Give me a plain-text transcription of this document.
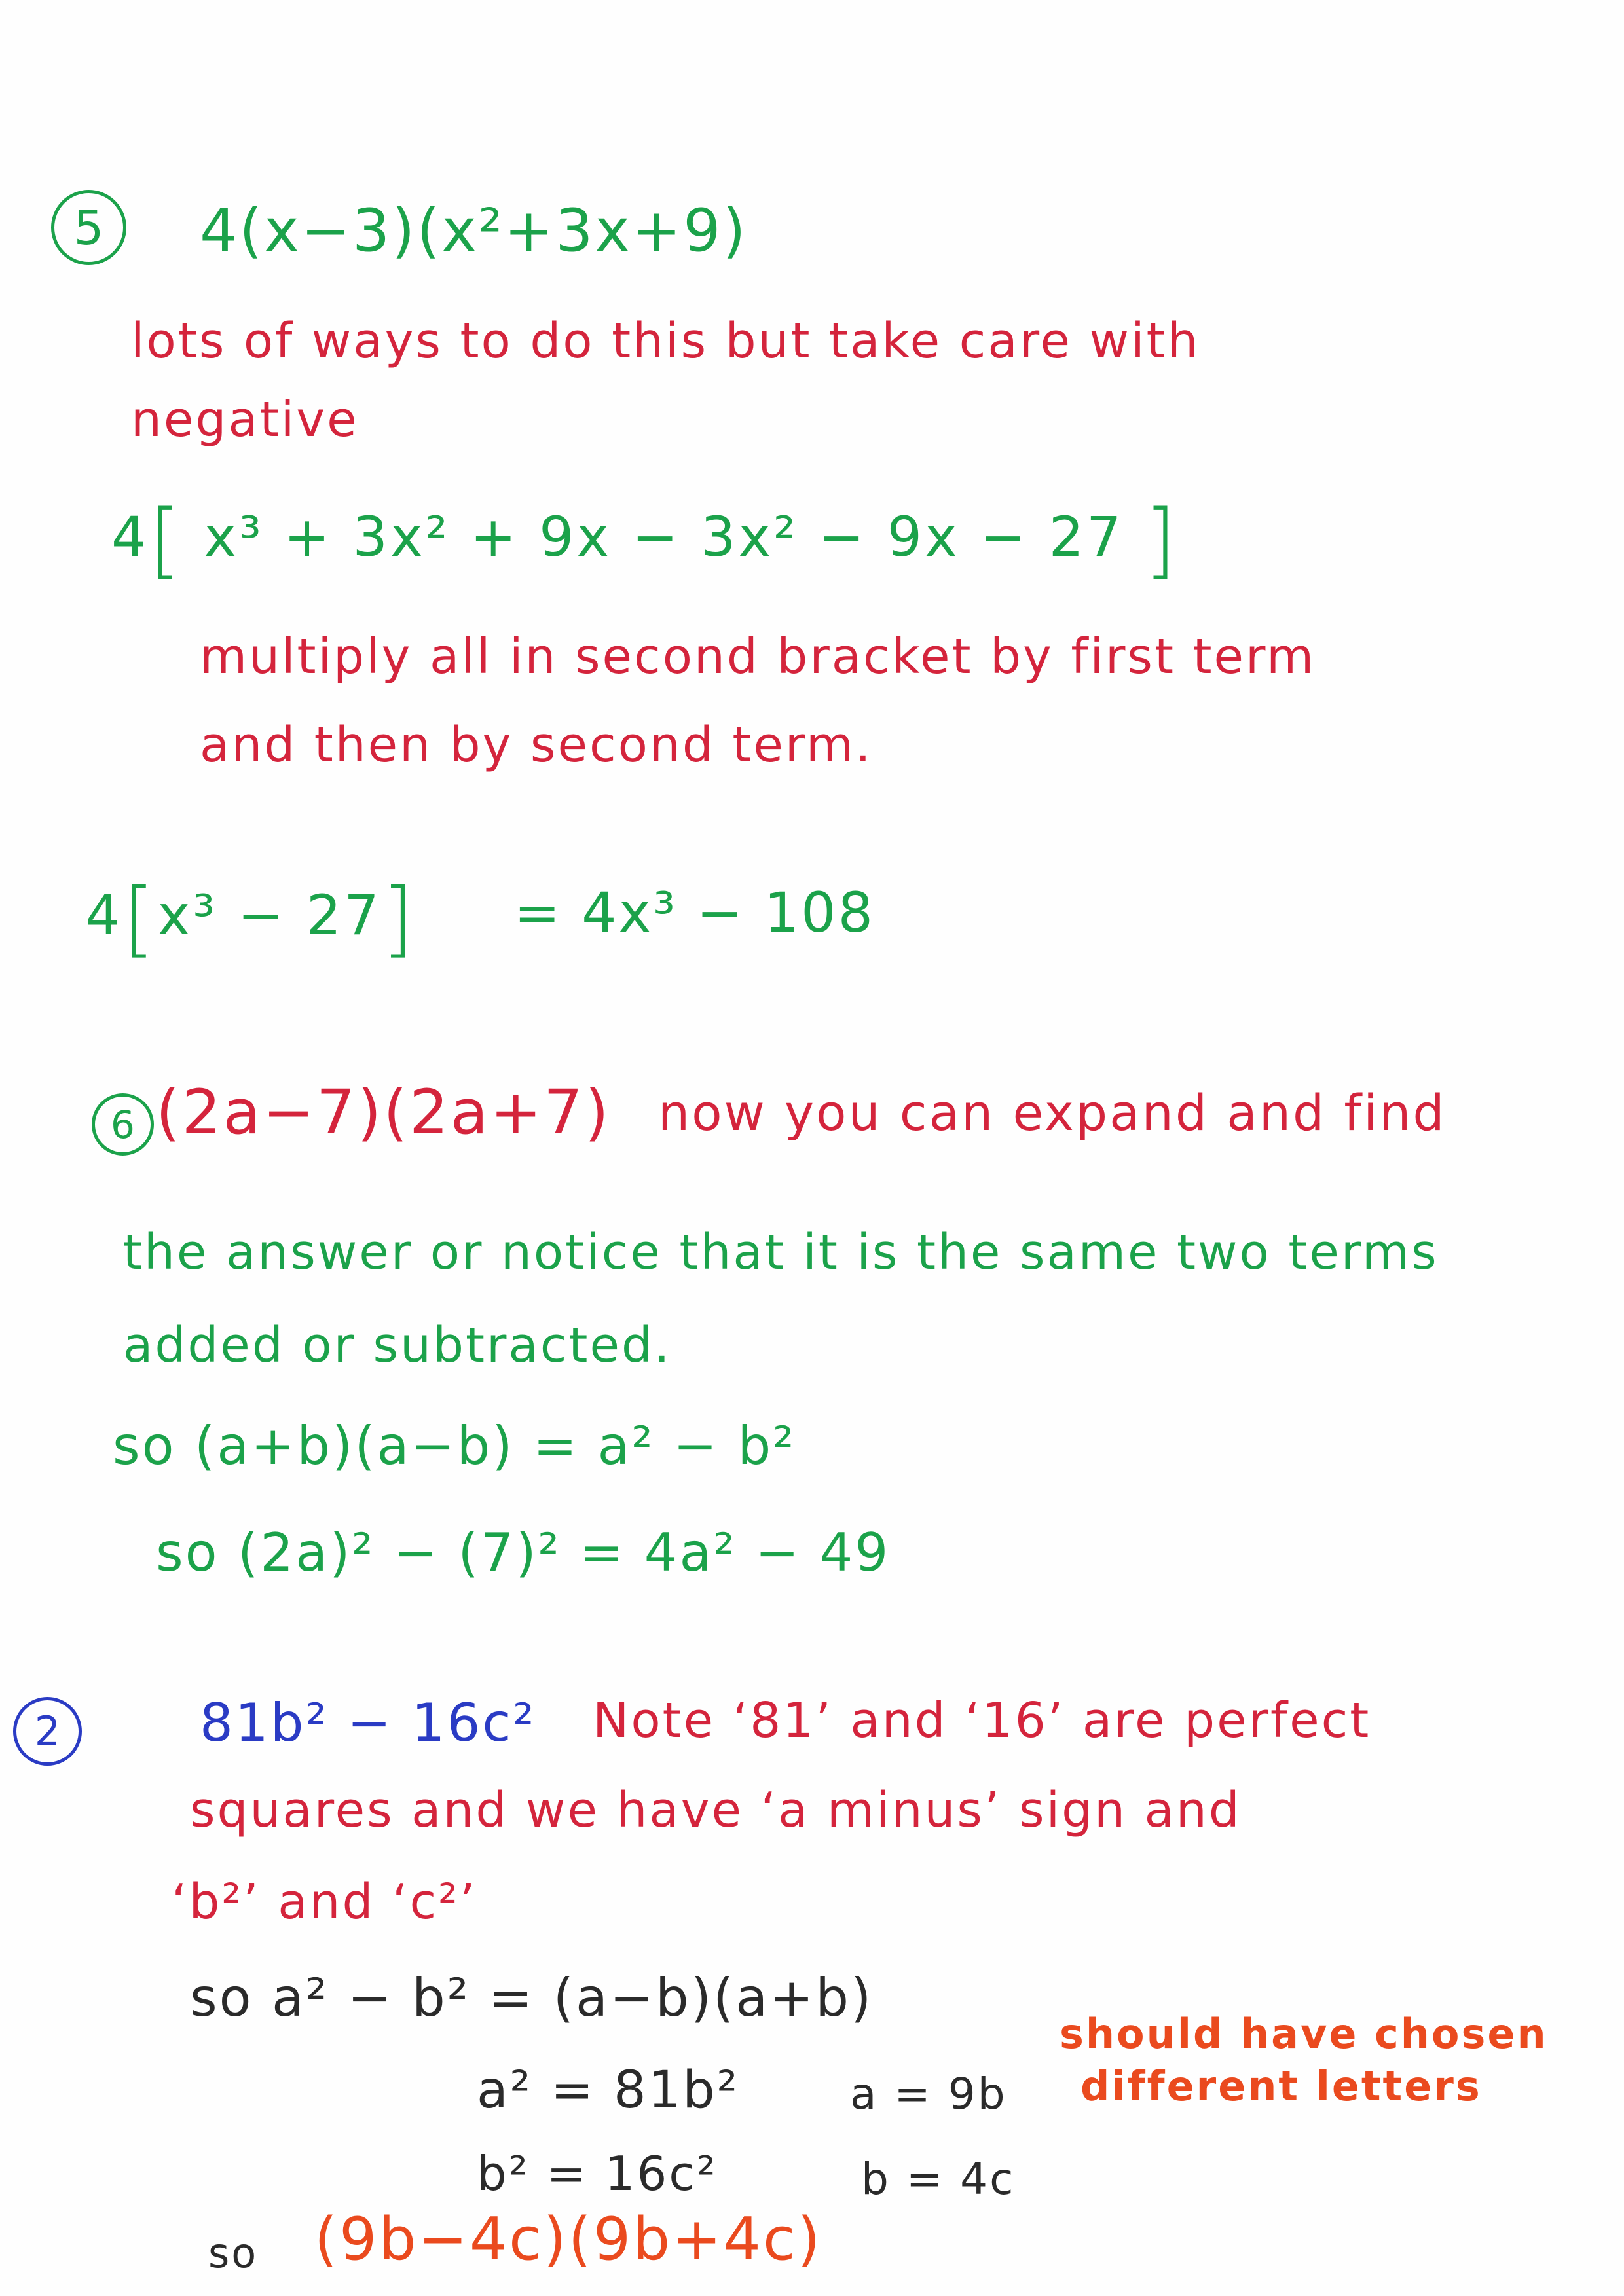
5 4(x−3)(x²+3x+9)
lots of ways to do this but take care with
negative
4[ x³ + 3x² + 9x − 3x² − 9x − 27 ]
multiply all in second bracket by first term
and then by second term.
4[x³ − 27] = 4x³ − 108
6 (2a−7)(2a+7) now you can expand and find
the answer or notice that it is the same two terms
added or subtracted.
so (a+b)(a−b) = a² − b²
so (2a)² − (7)² = 4a² − 49
2	81b² − 16c² Note ‘81’ and ‘16’ are perfect
squares and we have ‘a minus’ sign and
‘b²’ and ‘c²’
so a² − b² = (a−b)(a+b)
a² = 81b²	a = 9b
b² = 16c²	b = 4c
should have chosen
different letters
so (9b−4c)(9b+4c)
